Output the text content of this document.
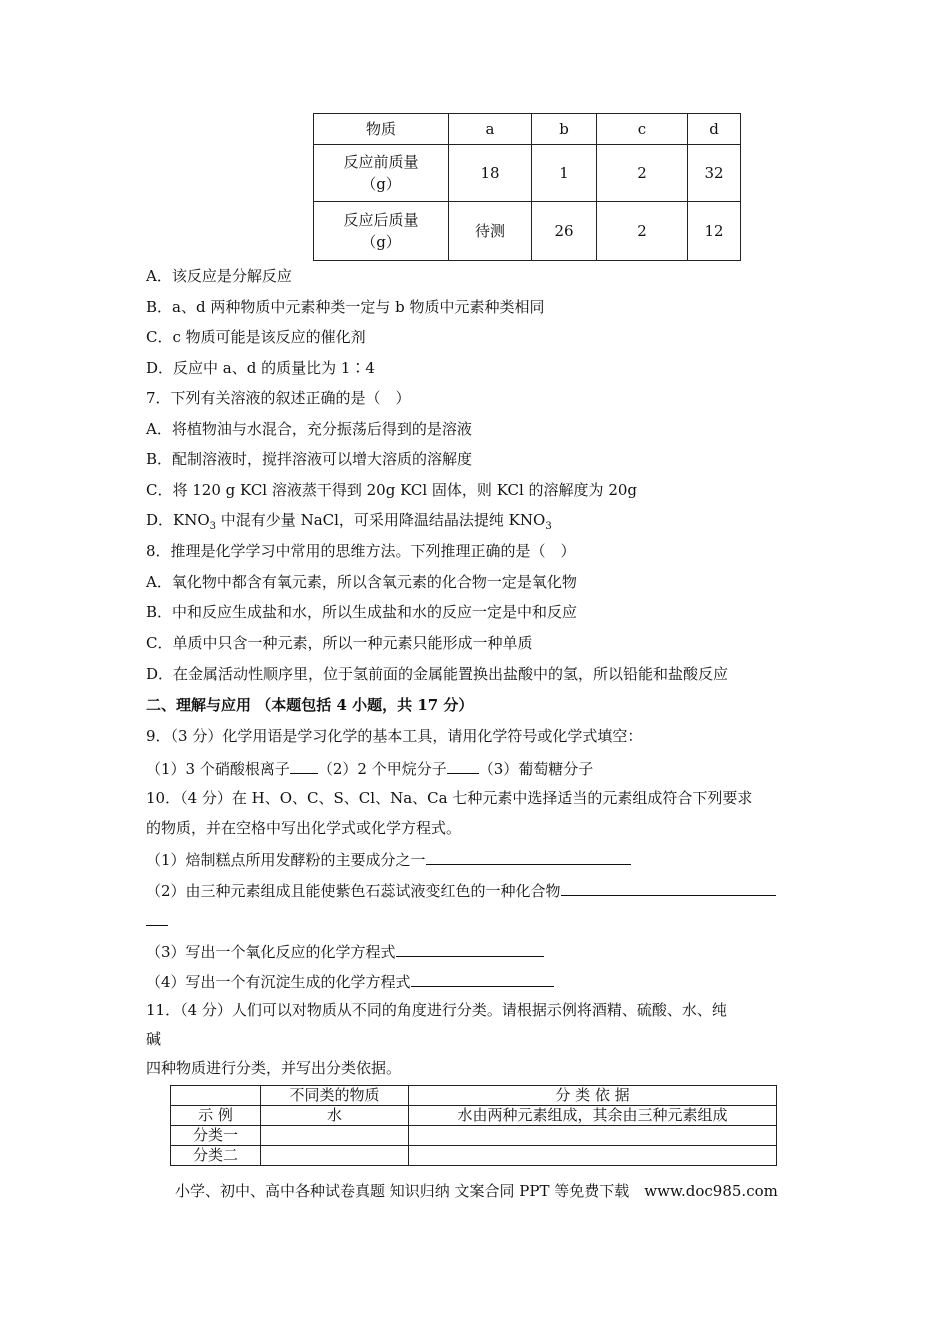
物质	a	b	c	d

反应前质量
（g）	18	1	2	32

反应后质量
（g）	待测	26	2	12
A．该反应是分解反应
B．a、d 两种物质中元素种类一定与 b 物质中元素种类相同
C．c 物质可能是该反应的催化剂
D．反应中 a、d 的质量比为 1∶4
7．下列有关溶液的叙述正确的是（　）
A．将植物油与水混合，充分振荡后得到的是溶液
B．配制溶液时，搅拌溶液可以增大溶质的溶解度
C．将 120 g KCl 溶液蒸干得到 20g KCl 固体，则 KCl 的溶解度为 20g
D．$KNO_3$ 中混有少量 NaCl，可采用降温结晶法提纯 $KNO_3$
8．推理是化学学习中常用的思维方法。下列推理正确的是（　）
A．氧化物中都含有氧元素，所以含氧元素的化合物一定是氧化物
B．中和反应生成盐和水，所以生成盐和水的反应一定是中和反应
C．单质中只含一种元素，所以一种元素只能形成一种单质
D．在金属活动性顺序里，位于氢前面的金属能置换出盐酸中的氢，所以铅能和盐酸反应
二、理解与应用 （本题包括 4 小题，共 17 分）
9．（3 分）化学用语是学习化学的基本工具，请用化学符号或化学式填空：
（1）3 个硝酸根离子 （2）2 个甲烷分子 （3）葡萄糖分子
10．（4 分）在 H、O、C、S、Cl、Na、Ca 七种元素中选择适当的元素组成符合下列要求
的物质，并在空格中写出化学式或化学方程式。
（1）焙制糕点所用发酵粉的主要成分之一
（2）由三种元素组成且能使紫色石蕊试液变红色的一种化合物
（3）写出一个氧化反应的化学方程式
（4）写出一个有沉淀生成的化学方程式
11．（4 分）人们可以对物质从不同的角度进行分类。请根据示例将酒精、硫酸、水、纯
碱
四种物质进行分类，并写出分类依据。
	不同类的物质	分 类 依 据
示 例	水	水由两种元素组成，其余由三种元素组成
分类一		
分类二		
小学、初中、高中各种试卷真题 知识归纳 文案合同 PPT 等免费下载　www.doc985.com
